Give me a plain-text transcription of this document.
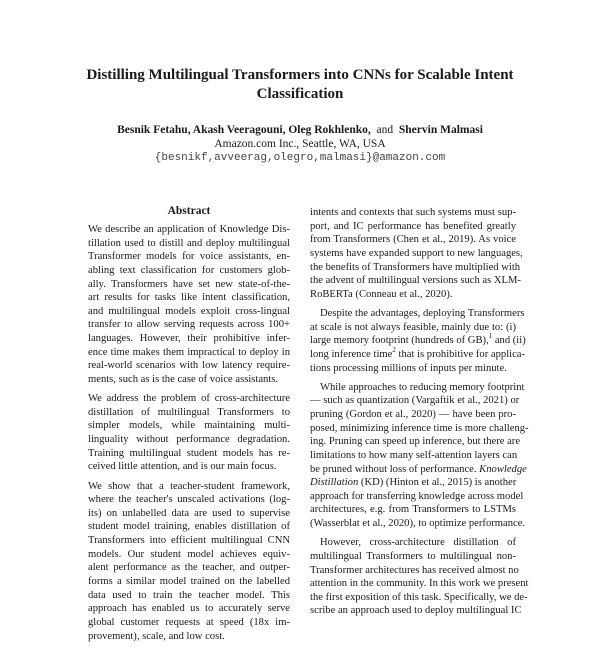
Distilling Multilingual Transformers into CNNs for Scalable Intent
Classification
Besnik Fetahu, Akash Veeragouni, Oleg Rokhlenko, and Shervin Malmasi
Amazon.com Inc., Seattle, WA, USA
{besnikf,avveerag,olegro,malmasi}@amazon.com
Abstract
We describe an application of Knowledge Dis-
tillation used to distill and deploy multilingual
Transformer models for voice assistants, en-
abling text classification for customers glob-
ally. Transformers have set new state-of-the-
art results for tasks like intent classification,
and multilingual models exploit cross-lingual
transfer to allow serving requests across 100+
languages. However, their prohibitive infer-
ence time makes them impractical to deploy in
real-world scenarios with low latency require-
ments, such as is the case of voice assistants.
We address the problem of cross-architecture
distillation of multilingual Transformers to
simpler models, while maintaining multi-
linguality without performance degradation.
Training multilingual student models has re-
ceived little attention, and is our main focus.
We show that a teacher-student framework,
where the teacher's unscaled activations (log-
its) on unlabelled data are used to supervise
student model training, enables distillation of
Transformers into efficient multilingual CNN
models. Our student model achieves equiv-
alent performance as the teacher, and outper-
forms a similar model trained on the labelled
data used to train the teacher model. This
approach has enabled us to accurately serve
global customer requests at speed (18x im-
provement), scale, and low cost.
intents and contexts that such systems must sup-
port, and IC performance has benefited greatly
from Transformers (Chen et al., 2019). As voice
systems have expanded support to new languages,
the benefits of Transformers have multiplied with
the advent of multilingual versions such as XLM-
RoBERTa (Conneau et al., 2020).
Despite the advantages, deploying Transformers
at scale is not always feasible, mainly due to: (i)
large memory footprint (hundreds of GB),$^1$ and (ii)
long inference time$^2$ that is prohibitive for applica-
tions processing millions of inputs per minute.
While approaches to reducing memory footprint
— such as quantization (Vargaftik et al., 2021) or
pruning (Gordon et al., 2020) — have been pro-
posed, minimizing inference time is more challeng-
ing. Pruning can speed up inference, but there are
limitations to how many self-attention layers can
be pruned without loss of performance. Knowledge
Distillation (KD) (Hinton et al., 2015) is another
approach for transferring knowledge across model
architectures, e.g. from Transformers to LSTMs
(Wasserblat et al., 2020), to optimize performance.
However, cross-architecture distillation of
multilingual Transformers to multilingual non-
Transformer architectures has received almost no
attention in the community. In this work we present
the first exposition of this task. Specifically, we de-
scribe an approach used to deploy multilingual IC
